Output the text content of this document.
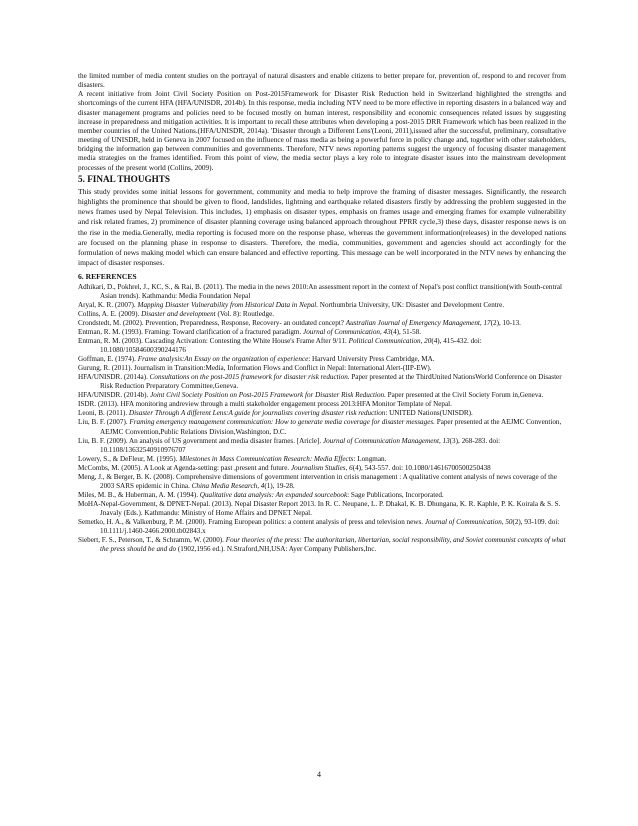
the limited number of media content studies on the portrayal of natural disasters and enable citizens to better prepare for, prevention of, respond to and recover from disasters.

A recent initiative from Joint Civil Society Position on Post-2015Framework for Disaster Risk Reduction held in Switzerland highlighted the strengths and shortcomings of the current HFA (HFA/UNISDR, 2014b). In this response, media including NTV need to be more effective in reporting disasters in a balanced way and disaster management programs and policies need to be focused mostly on human interest, responsibility and economic consequences related issues by suggesting increase in preparedness and mitigation activities. It is important to recall these attributes when developing a post-2015 DRR Framework which has been realized in the member countries of the United Nations.(HFA/UNISDR, 2014a). 'Disaster through a Different Lens'(Leoni, 2011),issued after the successful, preliminary, consultative meeting of UNISDR, held in Geneva in 2007 focused on the influence of mass media as being a powerful force in policy change and, together with other stakeholders, bridging the information gap between communities and governments. Therefore, NTV news reporting patterns suggest the urgency of focusing disaster management media strategies on the frames identified. From this point of view, the media sector plays a key role to integrate disaster issues into the mainstream development processes of the present world (Collins, 2009).

5. FINAL THOUGHTS

This study provides some initial lessons for government, community and media to help improve the framing of disaster messages. Significantly, the research highlights the prominence that should be given to flood, landslides, lightning and earthquake related disasters firstly by addressing the problem suggested in the news frames used by Nepal Television. This includes, 1) emphasis on disaster types, emphasis on frames usage and emerging frames for example vulnerability and risk related frames, 2) prominence of disaster planning coverage using balanced approach throughout PPRR cycle,3) these days, disaster response news is on the rise in the media.Generally, media reporting is focused more on the response phase, whereas the government information(releases) in the developed nations are focused on the planning phase in response to disasters. Therefore, the media, communities, government and agencies should act accordingly for the formulation of news making model which can ensure balanced and effective reporting. This message can be well incorporated in the NTV news by enhancing the impact of disaster responses.

6. REFERENCES

Adhikari, D., Pokhrel, J., KC, S., & Rai, B. (2011). The media in the news 2010:An assessment report in the context of Nepal's post conflict transition(with South-central Asian trends). Kathmandu: Media Foundation Nepal

Aryal, K. R. (2007). Mapping Disaster Vulnerability from Historical Data in Nepal. Northumbria University, UK: Disaster and Development Centre.

Collins, A. E. (2009). Disaster and development (Vol. 8): Routledge.

Crondstedt, M. (2002). Prevention, Preparedness, Response, Recovery- an outdated concept? Australian Journal of Emergency Management, 17(2), 10-13.

Entman, R. M. (1993). Framing: Toward clarification of a fractured paradigm. Journal of Communication, 43(4), 51-58.

Entman, R. M. (2003). Cascading Activation: Contesting the White House's Frame After 9/11. Political Communication, 20(4), 415-432. doi: 10.1080/10584600390244176

Goffman, E. (1974). Frame analysis:An Essay on the organization of experience: Harvard University Press Cambridge, MA.

Gurung, R. (2011). Journalism in Transition:Media, Information Flows and Conflict in Nepal: International Alert-(IIP-EW).

HFA/UNISDR. (2014a). Consultations on the post-2015 framework for disaster risk reduction. Paper presented at the ThirdUnited NationsWorld Conference on Disaster Risk Reduction Preparatory Committee,Geneva.

HFA/UNISDR. (2014b). Joint Civil Society Position on Post-2015 Framework for Disaster Risk Reduction. Paper presented at the Civil Society Forum in,Geneva.

ISDR. (2013). HFA monitoring andreview through a multi stakeholder engagement process 2013:HFA Monitor Template of Nepal.

Leoni, B. (2011). Disaster Through A different Lens:A guide for journalists covering disaster risk reduction: UNITED Nations(UNISDR).

Liu, B. F. (2007). Framing emergency management communication: How to generate media coverage for disaster messages. Paper presented at the AEJMC Convention, AEJMC Convention,Public Relations Division,Washington, D.C.

Liu, B. F. (2009). An analysis of US government and media disaster frames. [Aricle]. Journal of Communication Management, 13(3), 268-283. doi: 10.1108/13632540910976707

Lowery, S., & DeFleur, M. (1995). Milestones in Mass Communication Research: Media Effects: Longman.

McCombs, M. (2005). A Look at Agenda-setting: past ,present and future. Journalism Studies, 6(4), 543-557. doi: 10.1080/14616700500250438

Meng, J., & Berger, B. K. (2008). Comprehensive dimensions of government intervention in crisis management : A qualitative content analysis of news coverage of the 2003 SARS epidemic in China. China Media Research, 4(1), 19-28.

Miles, M. B., & Huberman, A. M. (1994). Qualitative data analysis: An expanded sourcebook: Sage Publications, Incorporated.

MoHA-Nepal-Government, & DPNET-Nepal. (2013). Nepal Disaster Report 2013. In R. C. Neupane, L. P. Dhakal, K. B. Dhungana, K. R. Kaphle, P. K. Koirala & S. S. Jnavaly (Eds.). Kathmandu: Ministry of Home Affairs and DPNET Nepal.

Semetko, H. A., & Valkenburg, P. M. (2000). Framing European politics: a content analysis of press and television news. Journal of Communication, 50(2), 93-109. doi: 10.1111/j.1460-2466.2000.tb02843.x

Siebert, F. S., Peterson, T., & Schramm, W. (2000). Four theories of the press: The authoritarian, libertarian, social responsibility, and Soviet communist concepts of what the press should be and do (1902,1956 ed.). N.Straford,NH,USA: Ayer Company Publishers,Inc.

4
